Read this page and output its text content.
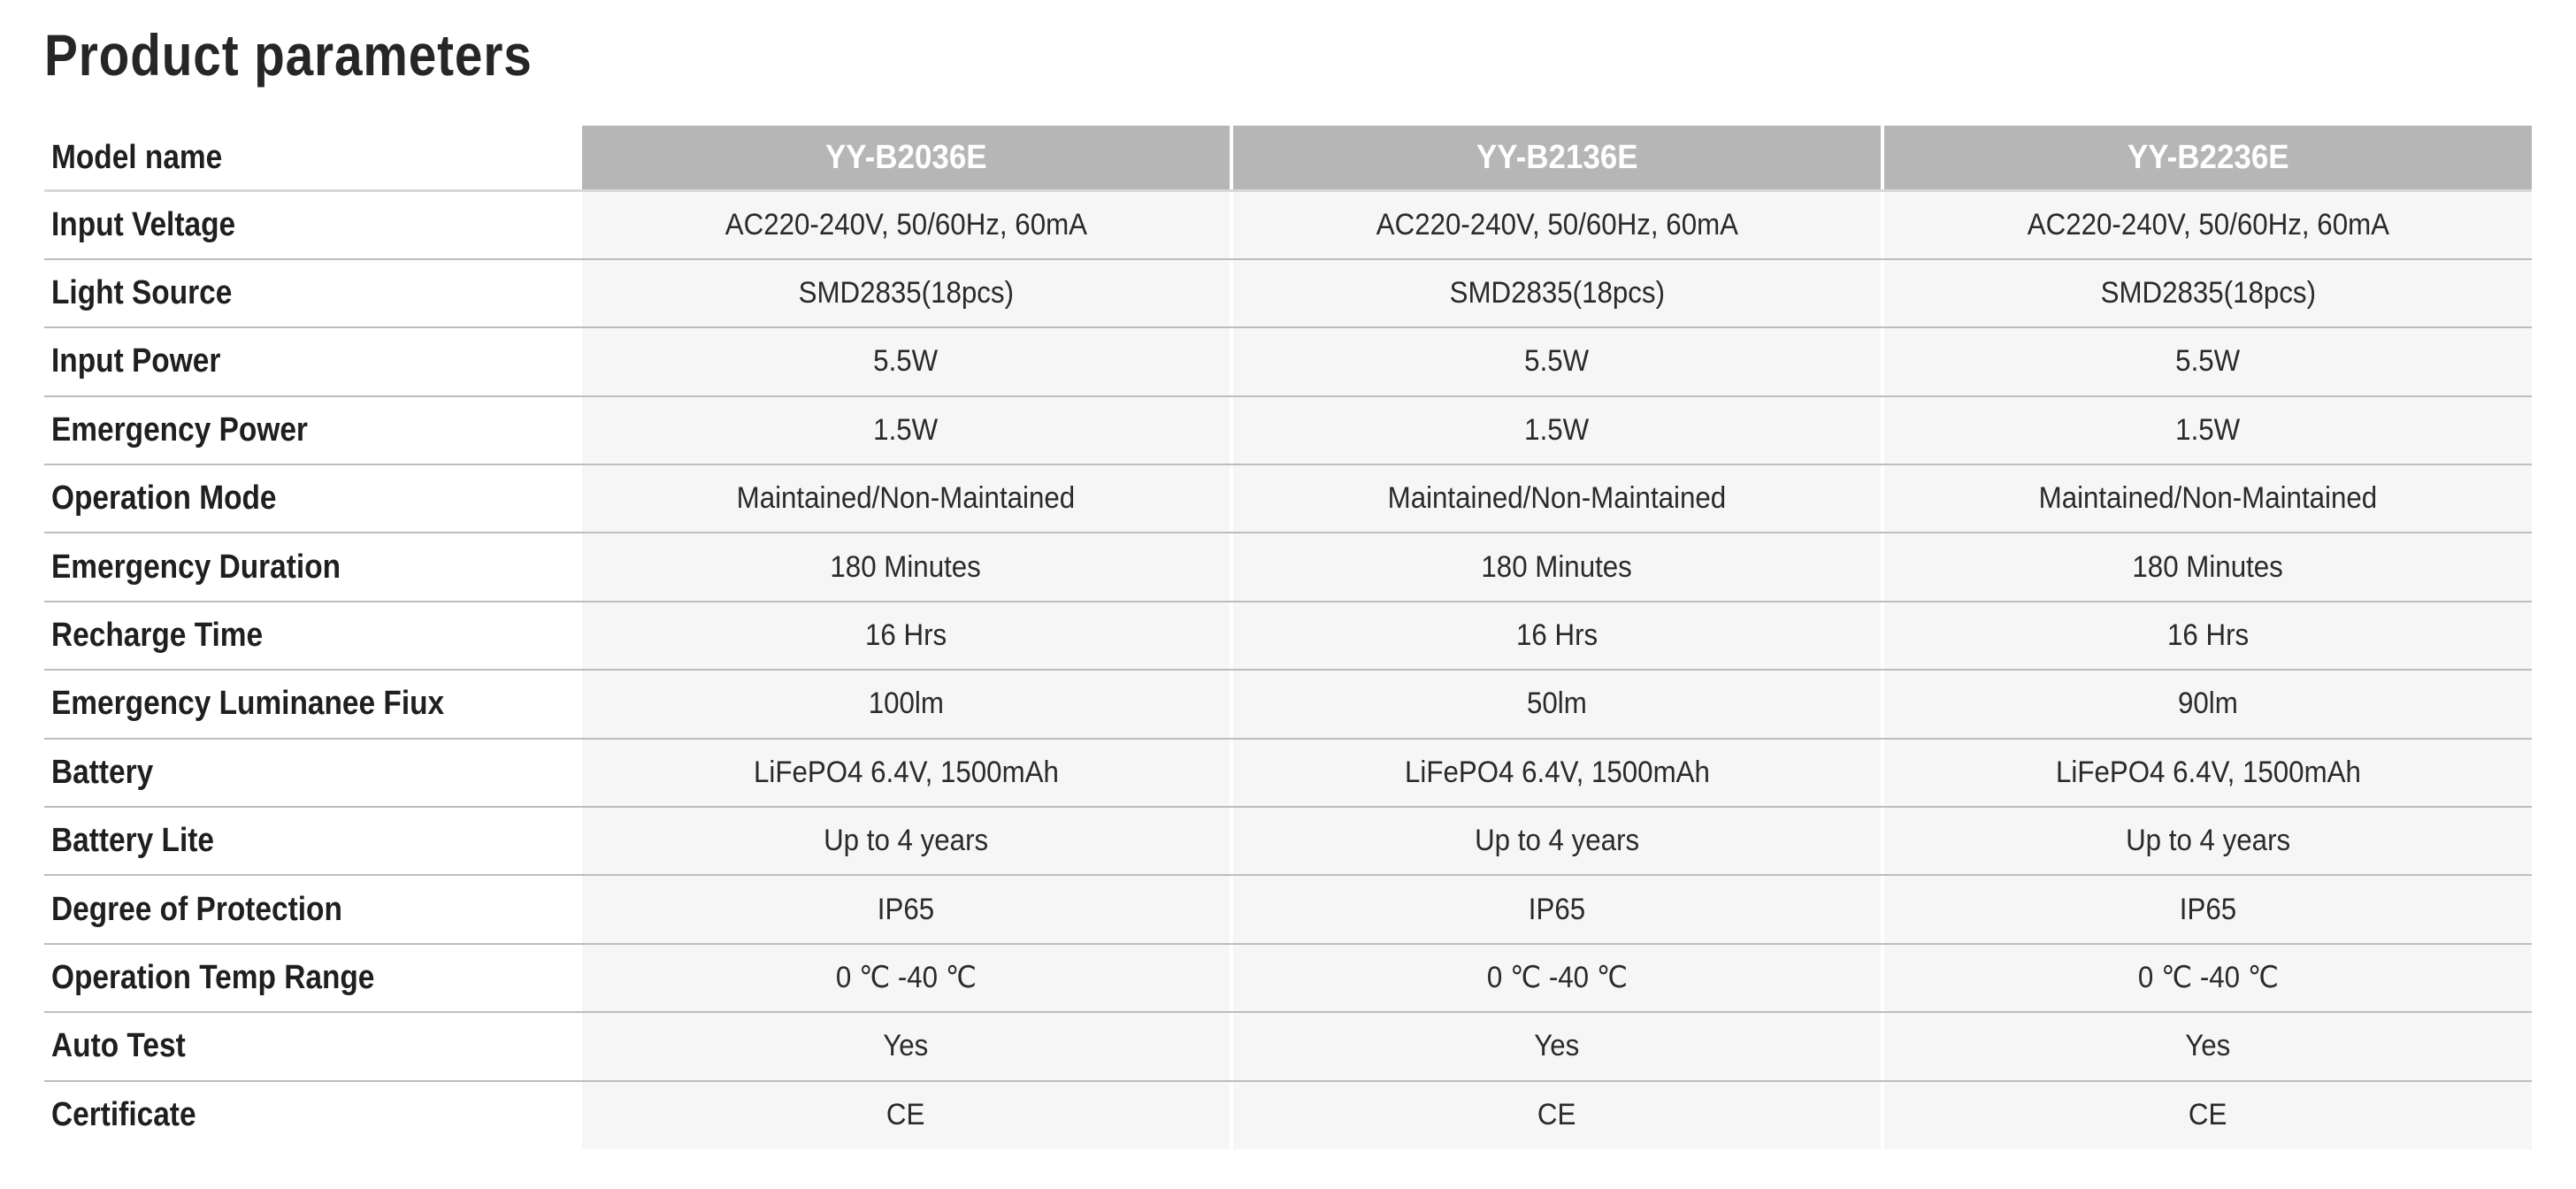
Product parameters
Model name	YY-B2036E		YY-B2136E		YY-B2236E
Input Veltage	AC220-240V, 50/60Hz, 60mA		AC220-240V, 50/60Hz, 60mA		AC220-240V, 50/60Hz, 60mA
Light Source	SMD2835(18pcs)		SMD2835(18pcs)		SMD2835(18pcs)
Input Power	5.5W		5.5W		5.5W
Emergency Power	1.5W		1.5W		1.5W
Operation Mode	Maintained/Non-Maintained		Maintained/Non-Maintained		Maintained/Non-Maintained
Emergency Duration	180 Minutes		180 Minutes		180 Minutes
Recharge Time	16 Hrs		16 Hrs		16 Hrs
Emergency Luminanee Fiux	100lm		50lm		90lm
Battery	LiFePO4 6.4V, 1500mAh		LiFePO4 6.4V, 1500mAh		LiFePO4 6.4V, 1500mAh
Battery Lite	Up to 4 years		Up to 4 years		Up to 4 years
Degree of Protection	IP65		IP65		IP65
Operation Temp Range	0 ℃ -40 ℃		0 ℃ -40 ℃		0 ℃ -40 ℃
Auto Test	Yes		Yes		Yes
Certificate	CE		CE		CE
